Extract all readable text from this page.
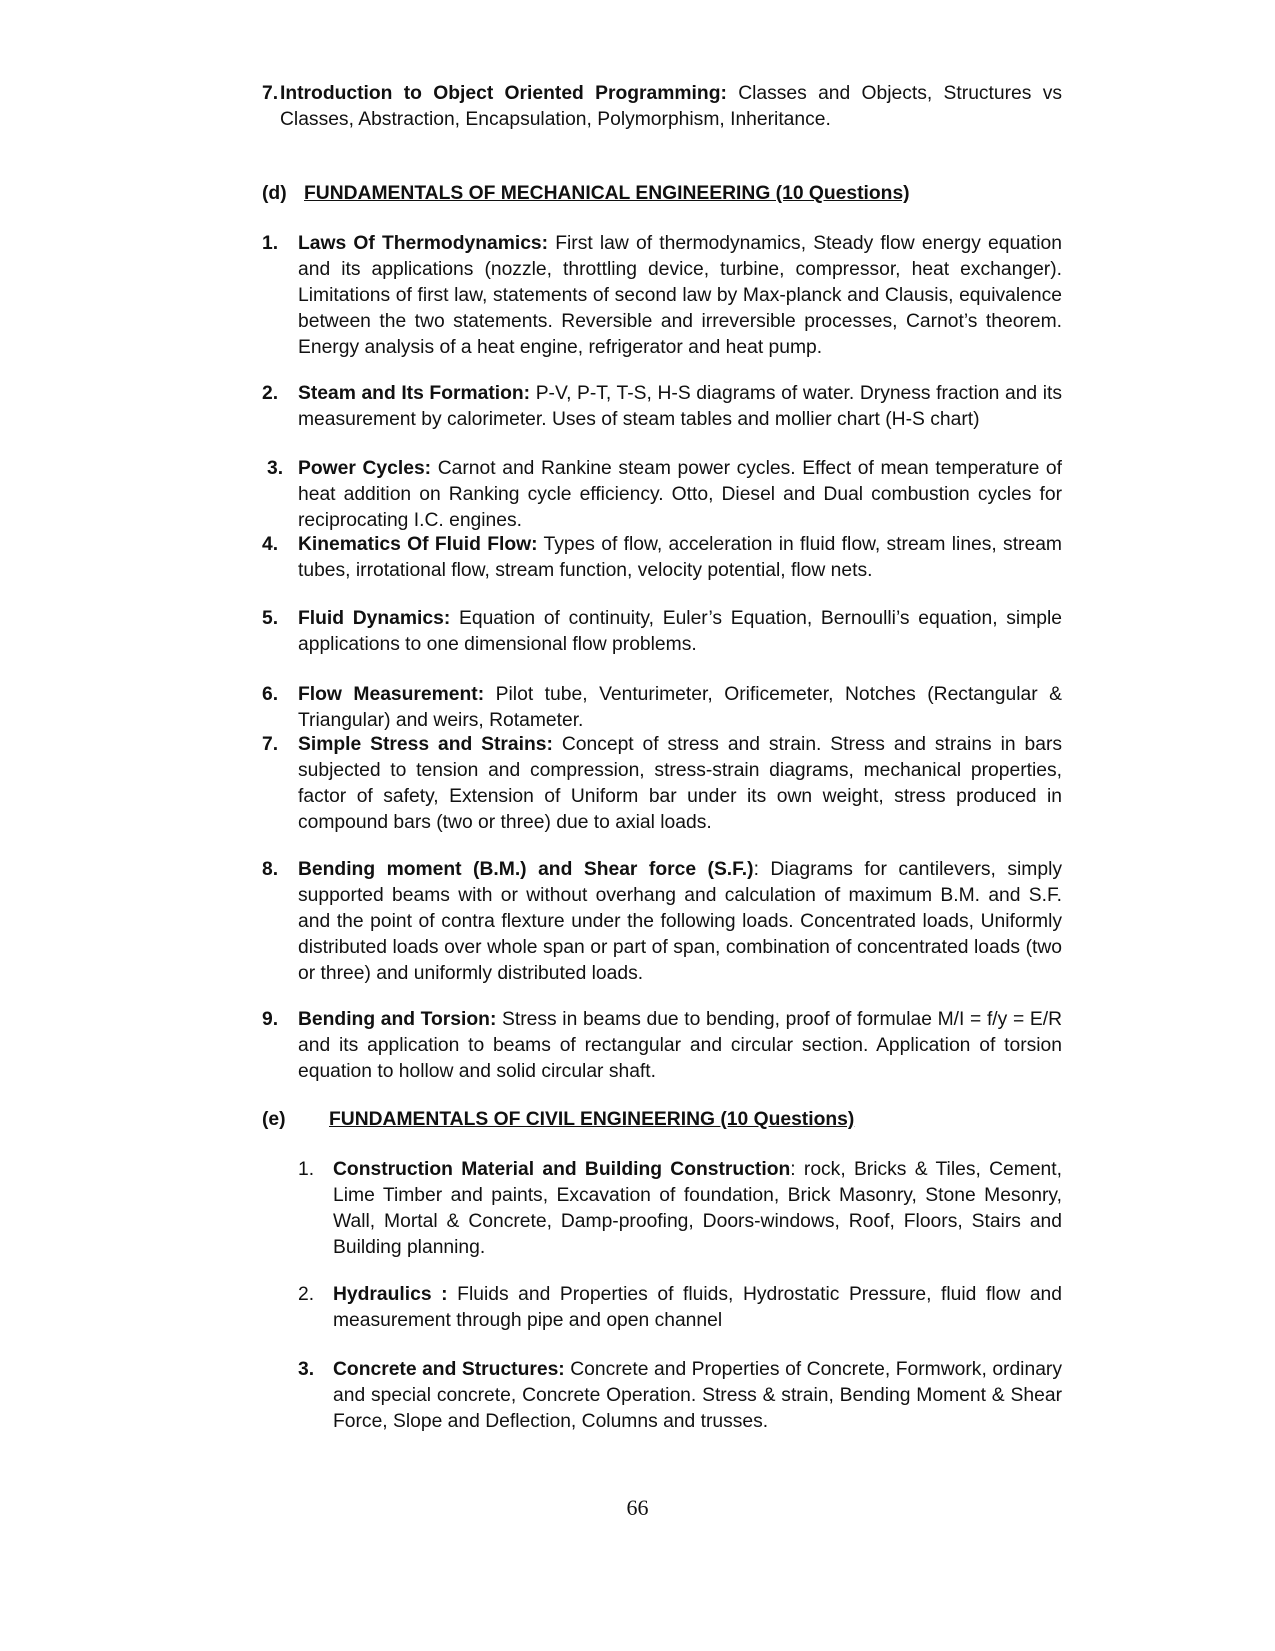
7. Introduction to Object Oriented Programming: Classes and Objects, Structures vs Classes, Abstraction, Encapsulation, Polymorphism, Inheritance.
(d) FUNDAMENTALS OF MECHANICAL ENGINEERING (10 Questions)
1. Laws Of Thermodynamics: First law of thermodynamics, Steady flow energy equation and its applications (nozzle, throttling device, turbine, compressor, heat exchanger). Limitations of first law, statements of second law by Max-planck and Clausis, equivalence between the two statements. Reversible and irreversible processes, Carnot’s theorem. Energy analysis of a heat engine, refrigerator and heat pump.
2. Steam and Its Formation: P-V, P-T, T-S, H-S diagrams of water. Dryness fraction and its measurement by calorimeter. Uses of steam tables and mollier chart (H-S chart)
3. Power Cycles: Carnot and Rankine steam power cycles. Effect of mean temperature of heat addition on Ranking cycle efficiency. Otto, Diesel and Dual combustion cycles for reciprocating I.C. engines.
4. Kinematics Of Fluid Flow: Types of flow, acceleration in fluid flow, stream lines, stream tubes, irrotational flow, stream function, velocity potential, flow nets.
5. Fluid Dynamics: Equation of continuity, Euler’s Equation, Bernoulli’s equation, simple applications to one dimensional flow problems.
6. Flow Measurement: Pilot tube, Venturimeter, Orificemeter, Notches (Rectangular & Triangular) and weirs, Rotameter.
7. Simple Stress and Strains: Concept of stress and strain. Stress and strains in bars subjected to tension and compression, stress-strain diagrams, mechanical properties, factor of safety, Extension of Uniform bar under its own weight, stress produced in compound bars (two or three) due to axial loads.
8. Bending moment (B.M.) and Shear force (S.F.): Diagrams for cantilevers, simply supported beams with or without overhang and calculation of maximum B.M. and S.F. and the point of contra flexture under the following loads. Concentrated loads, Uniformly distributed loads over whole span or part of span, combination of concentrated loads (two or three) and uniformly distributed loads.
9. Bending and Torsion: Stress in beams due to bending, proof of formulae M/I = f/y = E/R and its application to beams of rectangular and circular section. Application of torsion equation to hollow and solid circular shaft.
(e) FUNDAMENTALS OF CIVIL ENGINEERING (10 Questions)
1. Construction Material and Building Construction: rock, Bricks & Tiles, Cement, Lime Timber and paints, Excavation of foundation, Brick Masonry, Stone Mesonry, Wall, Mortal & Concrete, Damp-proofing, Doors-windows, Roof, Floors, Stairs and Building planning.
2. Hydraulics : Fluids and Properties of fluids, Hydrostatic Pressure, fluid flow and measurement through pipe and open channel
3. Concrete and Structures: Concrete and Properties of Concrete, Formwork, ordinary and special concrete, Concrete Operation. Stress & strain, Bending Moment & Shear Force, Slope and Deflection, Columns and trusses.
66
